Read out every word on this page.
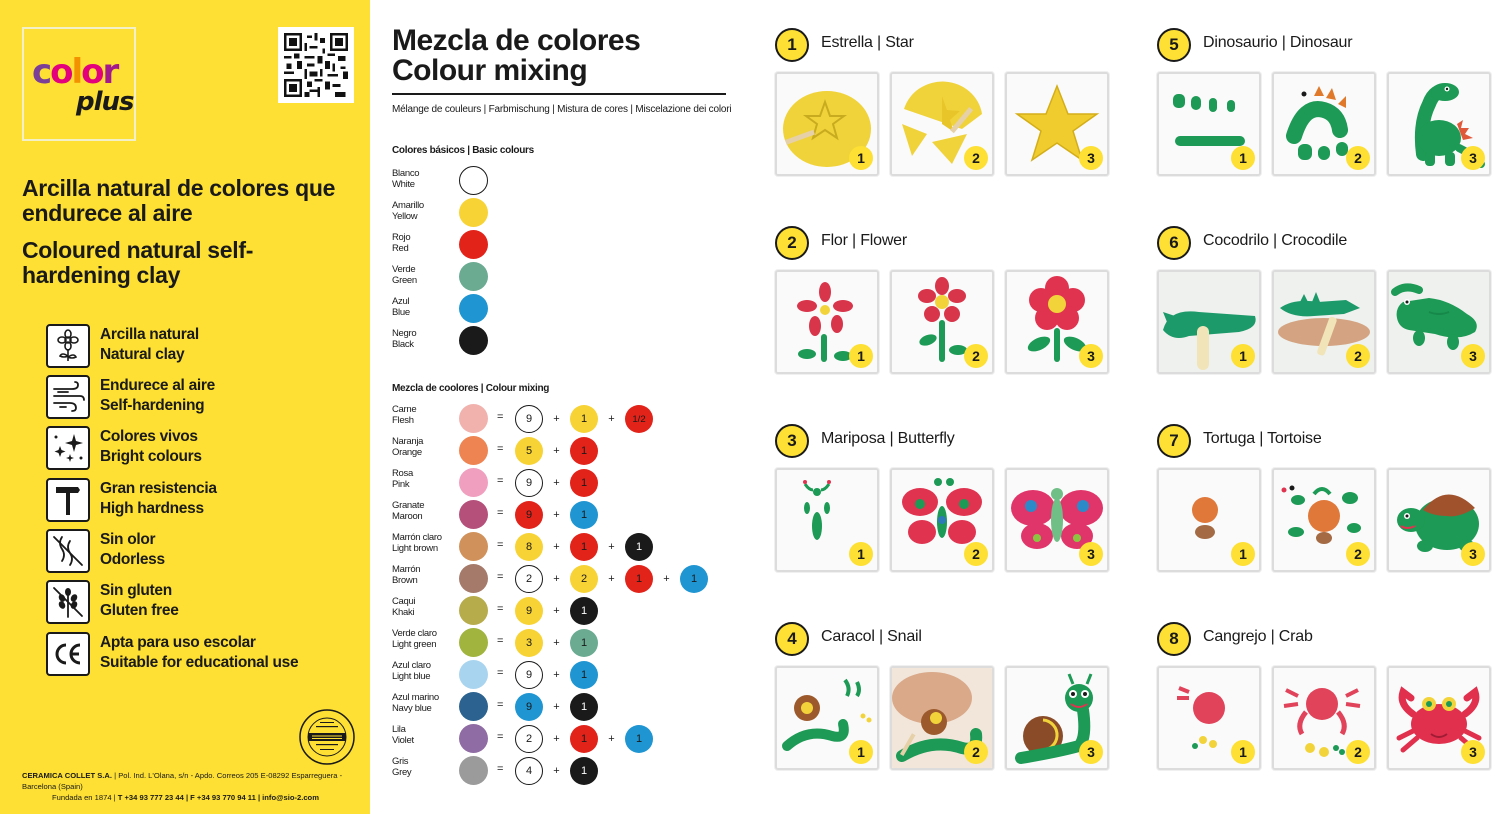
color
plus
Arcilla natural de colores que endurece al aire
Coloured natural self-hardening clay
Arcilla natural
Natural clay
Endurece al aire
Self-hardening
Colores vivos
Bright colours
Gran resistencia
High hardness
Sin olor
Odorless
Sin gluten
Gluten free
Apta para uso escolar
Suitable for educational use
CERAMICA COLLET S.A. | Pol. Ind. L'Olana, s/n - Apdo. Correos 205 E-08292 Esparreguera - Barcelona (Spain)
Fundada en 1874 | T +34 93 777 23 44 | F +34 93 770 94 11 | info@sio-2.com
Mezcla de colores
Colour mixing
Mélange de couleurs | Farbmischung | Mistura de cores | Miscelazione dei colori
Colores básicos | Basic colours
Blanco
White
Amarillo
Yellow
Rojo
Red
Verde
Green
Azul
Blue
Negro
Black
Mezcla de coolores | Colour mixing
Carne
Flesh	=	9	+	1	+	1/2
Naranja
Orange	=	5	+	1
Rosa
Pink	=	9	+	1
Granate
Maroon	=	9	+	1
Marrón claro
Light brown	=	8	+	1	+	1
Marrón
Brown	=	2	+	2	+	1	+	1
Caqui
Khaki	=	9	+	1
Verde claro
Light green	=	3	+	1
Azul claro
Light blue	=	9	+	1
Azul marino
Navy blue	=	9	+	1
Lila
Violet	=	2	+	1	+	1
Gris
Grey	=	4	+	1
1	Estrella | Star
1	2	3
2	Flor | Flower
1	2	3
3	Mariposa | Butterfly
1	2	3
4	Caracol | Snail
1	2	3
5	Dinosaurio | Dinosaur
1	2	3
6	Cocodrilo | Crocodile
1	2	3
7	Tortuga | Tortoise
1	2	3
8	Cangrejo | Crab
1	2	3
